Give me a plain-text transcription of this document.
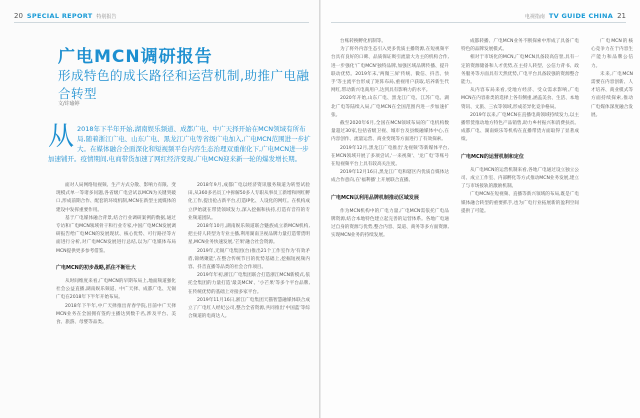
20 SPECIAL REPORT 特别报告
广电MCN调研报告
形成特色的成长路径和运营机制,助推广电融合转型
文/许瑜婷
从 2018年下半年开始,湖南娱乐频道、成都广电、中广天择开始在MCN领域有所布局,随着浙江广电、山东广电、黑龙江广电等省级广电加入,广电MCN范围进一步扩大。在媒体融合全面深化和短视频平台内容生态治理双重催化下,广电MCN进一步加速铺开。疫情期间,电商带货加速了网红经济变现,广电MCN迎来新一轮的爆发增长期。

面对人局网络短视频、生产方式分散、影响力有限、变现模式单一等诸多问题,各省级广电尝试以MCN为关键突破口,形成前期合作、配套的环境机制,MCN在新型主流媒体的建设中发挥重要作用。

基于广电媒体融合背景,结合行业调研案例的数据,通过专访和广电MCN领域骨干和行业专家,中国广电MCN发展调研报告给广电MCN的发展现状、核心优势、可行路径等方面进行分析,对广电MCN发展进行总结,以为广电媒体布局MCN提供更多参考借鉴。

广电MCN的初步战略,抓住不断壮大

从时间维度来看,广电MCN的早期布局上,地面频道强化社会公益直播,湖南娱乐频道、中广天择、成都广电、无锡广电在2018年下半年开始布局。

2018年下半年,中广天择推出青春学院,目前中广天择MCN业务在全国拥有签约主播达到数千名,涉及平台、美食、旅游、母婴等品类。

2018年9月,成都广电以经济资讯服务频道为转型试验田,从360多名员工中拆解50多人专职从事员工新增和网红孵化工作,提出抢占新平台,打造IP化、人设化的网红。在机构成立伊始就在带货领域发力,深入挖掘和扶持,打造有音符的专业频道团队。

2018年10月,湖南娱乐频道联合魅族成立新MCN机构,把主持人转型为专业主播,利用湖南卫视品牌力量打造带货明星,MCN业务快速发展,'芒果'融合社会资源。

2019年,无锡广电集团(台)推出21个工作室作为'有效矛盾,锦绣聚能',在整合传统节目的优势基础上,挖掘短视频内容、抖音直播等品类的社会合作项目。

2019年年初,浙江广电集团联合打造浙江MCN新模式,依托全集团的力量打造'最美MCN'、'小芒果'等多个平台品牌,在传统优势的基础上对接多家平台。

2019年11月16日,浙江广电集团天猫智慧融媒体联合成立了广电红人经纪公司,整合全省资源,共同推出'中国蓝'等综合频道的电商达人。

电视指南 TV GUIDE CHINA 21

台账转换孵化机制等。

为了将外内容生态引入更多优质主播资源,在短视频平台具有良好的口碑、品质保证吸引流量大为主的机构合作,进一步强化'广电MCN'独特品牌,加强区域品牌传播、提升联动优势。2019年末,'两微三屏'传统、微信、抖音、快手'等主流平台形成了矩阵布局,重视用户获取,培养新生代网红,带动新兴电商用户,达到具有影响力的水平。

2020年开始,山东广电、黑龙江广电、江苏广电、湖北广电等陆续入局,广电MCN在全国范围内进一步加速扩张。

截至2020年6月,全国在MCN领域布局的广电机构数量超过30家,包括省级卫视、城市台及县级融媒体中心,在内容创作、流量运营、商业变现等方面进行了有效探索。

2019年12月,黑龙江广电推出'龙视频'等新媒体平台,在MCN领域开展了多项尝试,'一来视频'、'龙广电'等账号在短视频平台上具有较高关注度。

2019年12月16日,黑龙江广电和辖区内优质自媒体达成合作意向,在'福利播'上开展联合直播。

广电MCN以利用品牌机制推动区域发展

作为MCN机构中的广电力量,广电MCN需依托广电品牌资源,结合本地特色建立起完善的运营体系。各地广电通过自身的资源与优势,整合内容、渠道、商务等多方面资源,实现MCN业务的持续发展。

成都转播、广电MCN业务不断探索中形成了具备广电特色的品牌发展模式。

相对于市场化的MCN,广电MCN具备较高信誉,具有一定的资源储备和人才优势,在主持人转型、公信力背书、政务服务等方面具有天然优势,广电平台具备较强的资源整合能力。

从内容布局来看,受地方经济、受众需求影响,广电MCN在内容垂类的选择上各有侧重,涵盖美食、生活、本地资讯、文旅、三农等领域,形成差异化竞争格局。

2019年以来,广电MCN在直播电商领域持续发力,以主播带货推动地方特色产品销售,助力乡村振兴和消费扶贫。成都广电、湖南娱乐等机构在直播带货方面取得了显著成绩。

广电MCN的运营机制和定位

从广电MCN的运营机制来看,各地广电通过设立独立公司、成立工作室、内部孵化等方式推动MCN业务发展,建立了与市场接轨的激励机制。

广电MCN在短视频、直播等新兴领域的布局,既是广电媒体融合转型的重要抓手,也为广电行业拓展新的盈利空间提供了可能。

广电MCN的核心竞争力在于内容生产能力和品牌公信力。

未来,广电MCN需要在内容创新、人才培养、商业模式等方面持续探索,推动广电媒体深度融合发展。
